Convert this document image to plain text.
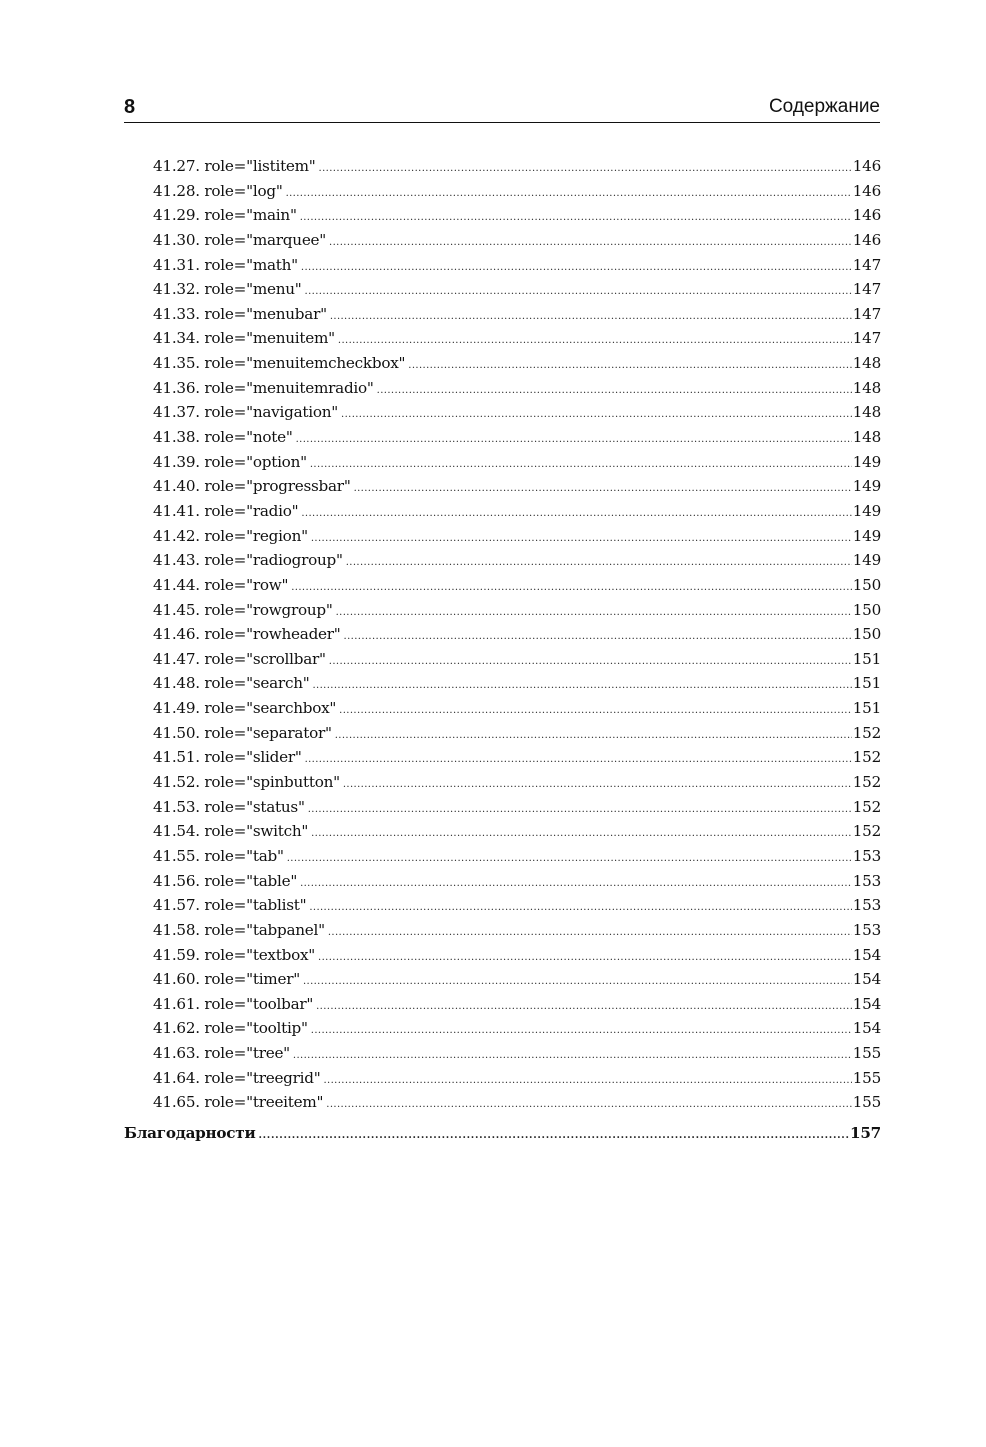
8	Содержание
41.27. role="listitem" . . .	146
41.28. role="log" . . .	146
41.29. role="main" . . .	146
41.30. role="marquee" . . .	146
41.31. role="math" . . .	147
41.32. role="menu" . . .	147
41.33. role="menubar" . . .	147
41.34. role="menuitem" . . .	147
41.35. role="menuitemcheckbox" . . .	148
41.36. role="menuitemradio" . . .	148
41.37. role="navigation" . . .	148
41.38. role="note" . . .	148
41.39. role="option" . . .	149
41.40. role="progressbar" . . .	149
41.41. role="radio" . . .	149
41.42. role="region" . . .	149
41.43. role="radiogroup" . . .	149
41.44. role="row" . . .	150
41.45. role="rowgroup" . . .	150
41.46. role="rowheader" . . .	150
41.47. role="scrollbar" . . .	151
41.48. role="search" . . .	151
41.49. role="searchbox" . . .	151
41.50. role="separator" . . .	152
41.51. role="slider" . . .	152
41.52. role="spinbutton" . . .	152
41.53. role="status" . . .	152
41.54. role="switch" . . .	152
41.55. role="tab" . . .	153
41.56. role="table" . . .	153
41.57. role="tablist" . . .	153
41.58. role="tabpanel" . . .	153
41.59. role="textbox" . . .	154
41.60. role="timer" . . .	154
41.61. role="toolbar" . . .	154
41.62. role="tooltip" . . .	154
41.63. role="tree" . . .	155
41.64. role="treegrid" . . .	155
41.65. role="treeitem" . . .	155
Благодарности . . .	157
